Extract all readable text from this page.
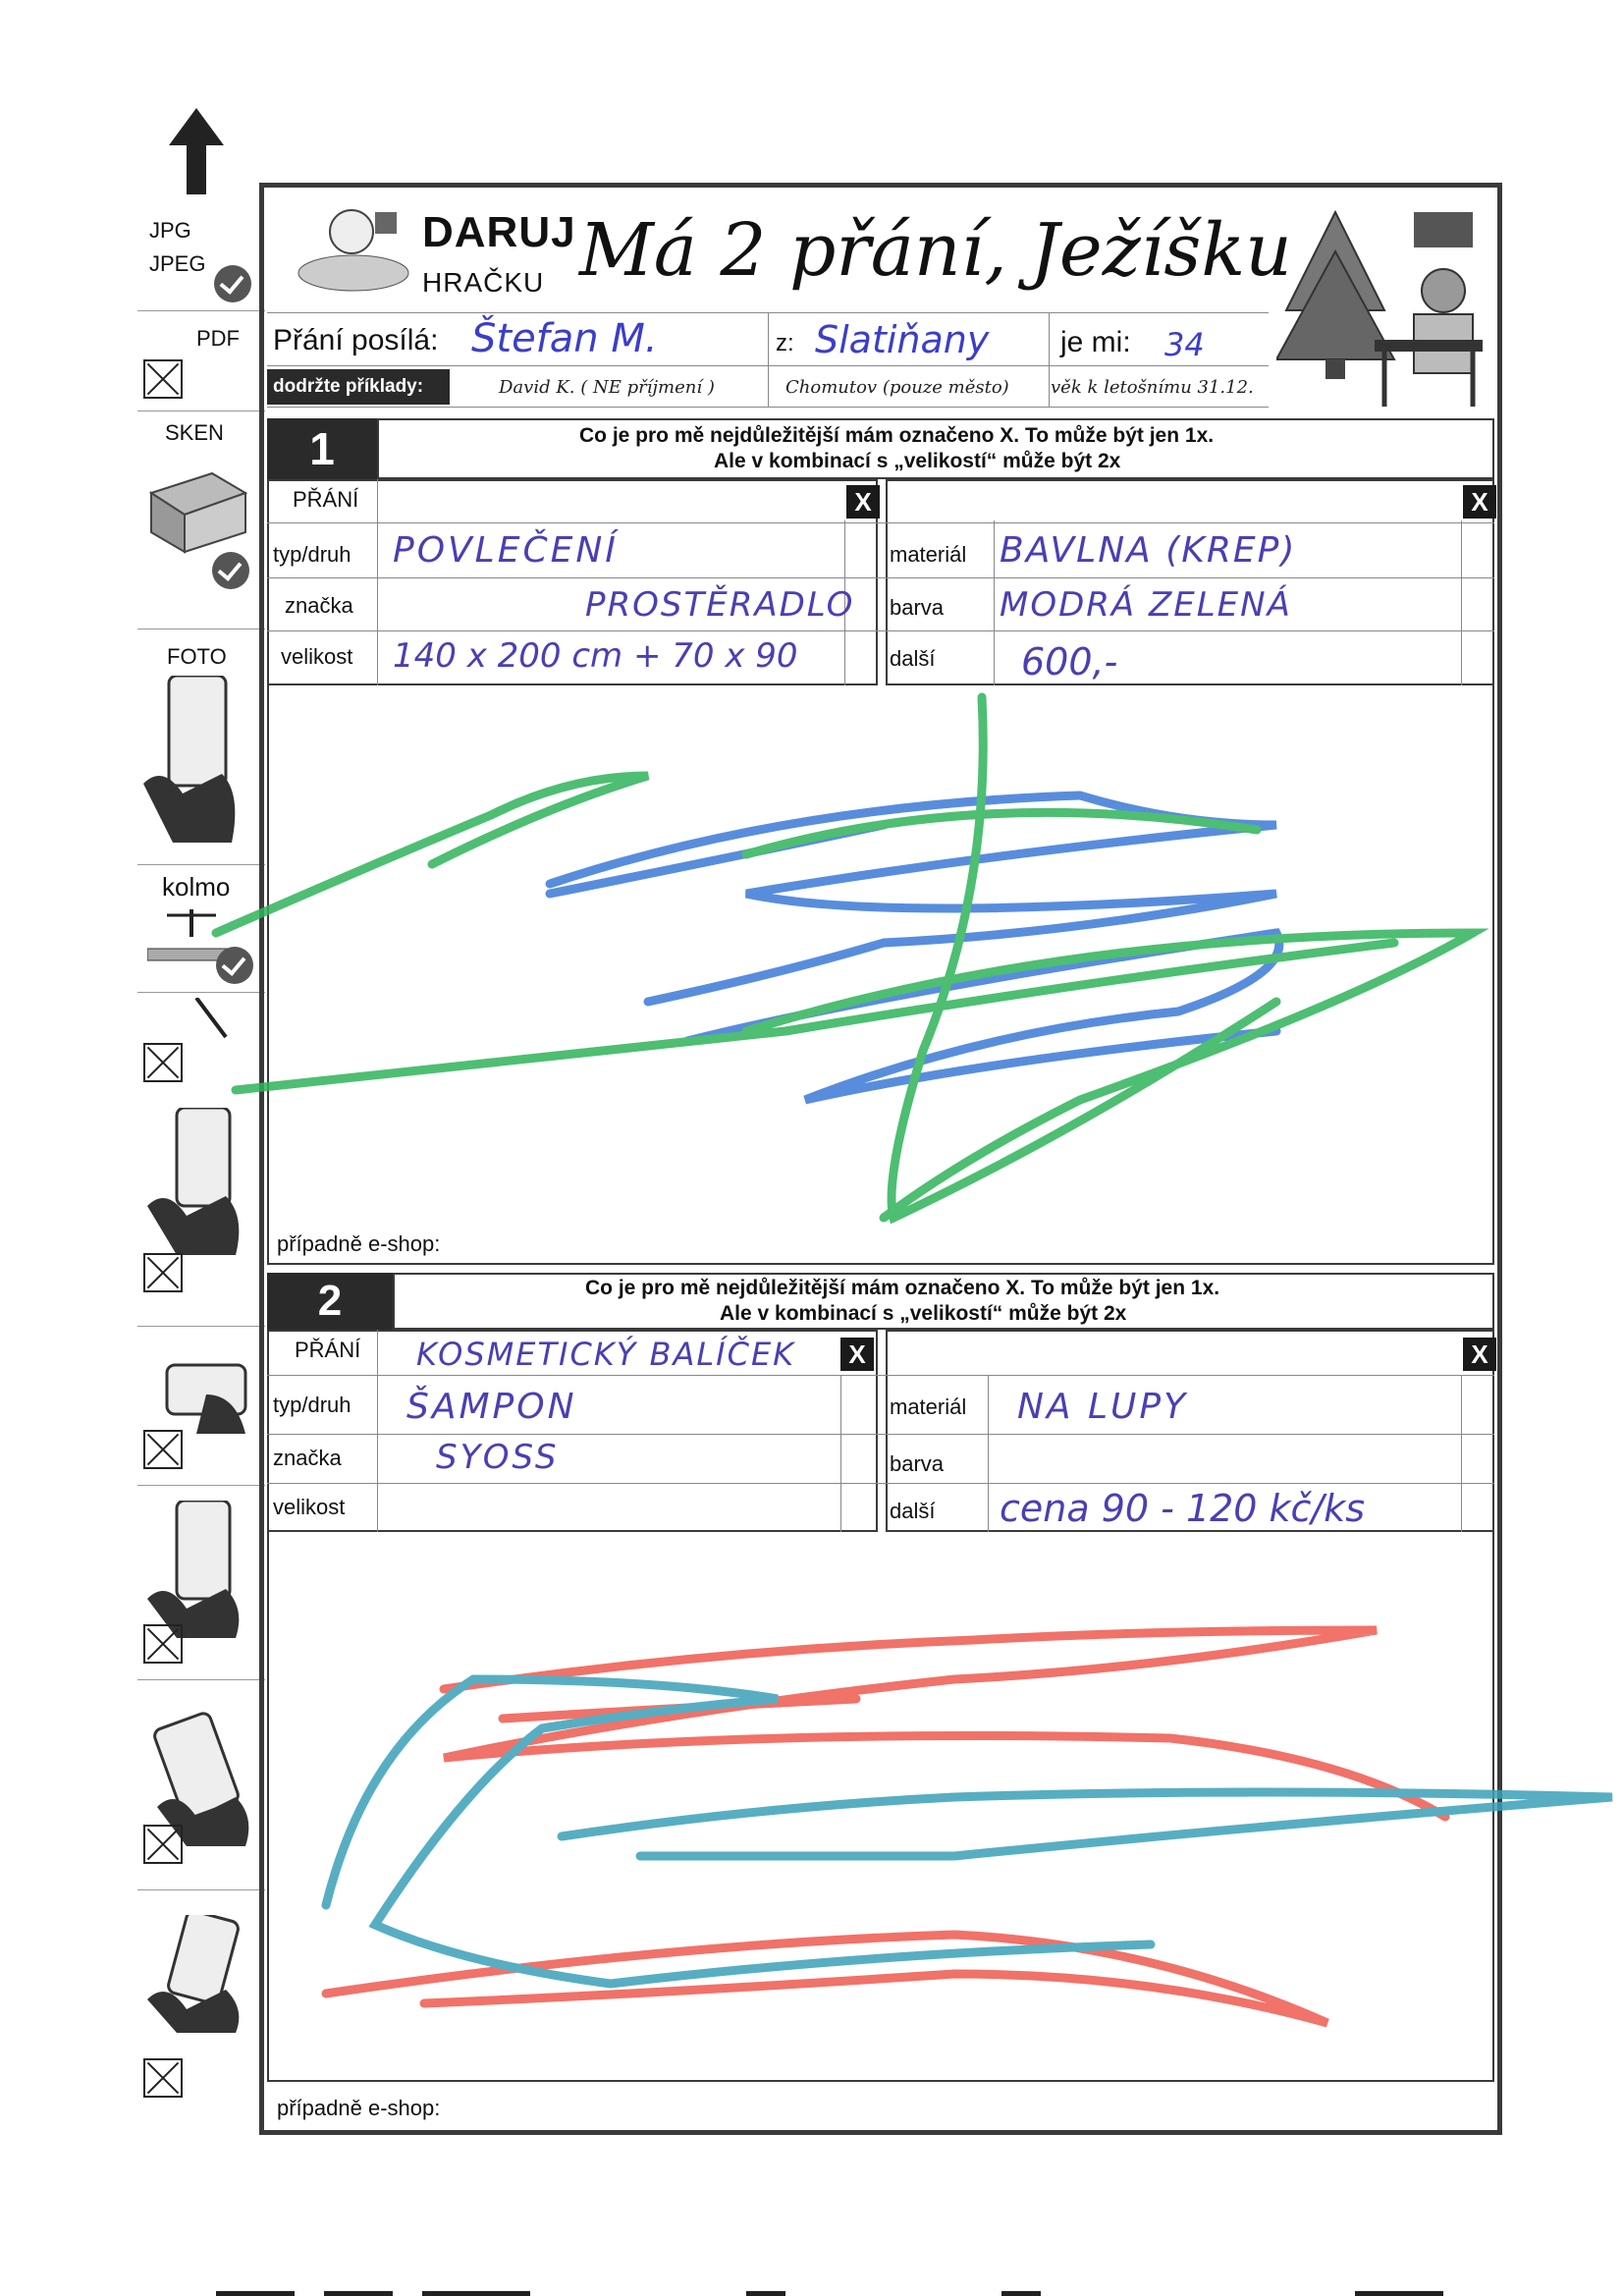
JPG
JPEG
PDF
SKEN
FOTO
kolmo
DARUJ
HRAČKU Má 2 přání, Ježíšku
Přání posílá: Štefan M.	z: Slatiňany je mi: 34
dodržte příklady:	David K. ( NE příjmení )	Chomutov (pouze město) věk k letošnímu 31.12.
1	Co je pro mě nejdůležitější mám označeno X. To může být jen 1x.
Ale v kombinací s „velikostí“ může být 2x
X	X
PŘÁNÍ
typ/druh POVLEČENÍ
značka	PROSTĚRADLO
velikost 140 x 200 cm + 70 x 90
materiál BAVLNA (KREP)
barva MODRÁ ZELENÁ
další 600,-
případně e-shop:
2	Co je pro mě nejdůležitější mám označeno X. To může být jen 1x.
Ale v kombinací s „velikostí“ může být 2x
X	X
PŘÁNÍ KOSMETICKÝ BALÍČEK
typ/druh ŠAMPON
značka	SYOSS
velikost
materiál NA LUPY
barva
další cena 90 - 120 kč/ks
případně e-shop:
